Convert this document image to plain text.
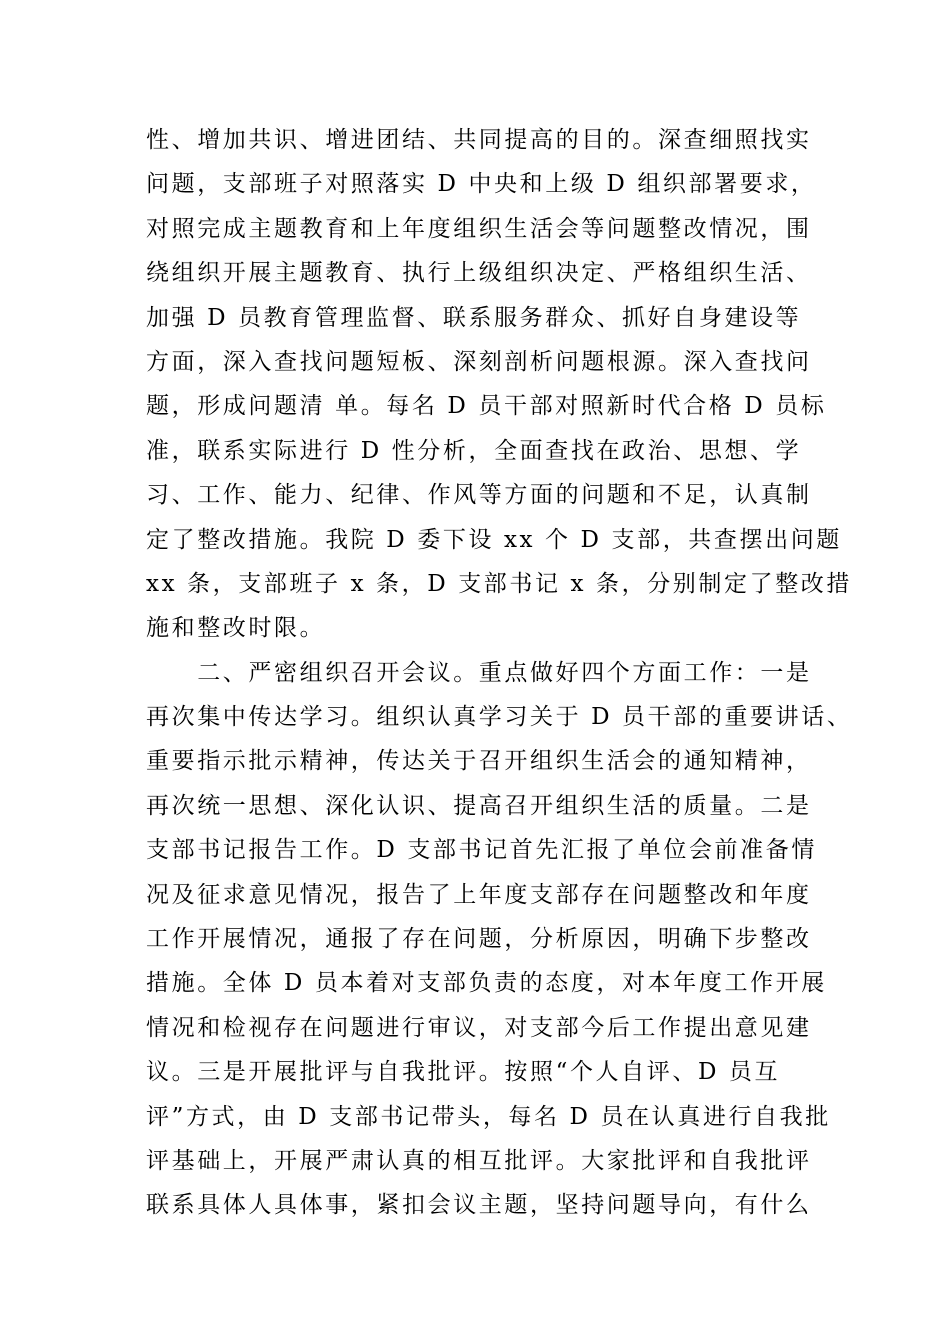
性、增加共识、增进团结、共同提高的目的。深查细照找实
问题，支部班子对照落实 D 中央和上级 D 组织部署要求，
对照完成主题教育和上年度组织生活会等问题整改情况，围
绕组织开展主题教育、执行上级组织决定、严格组织生活、
加强 D 员教育管理监督、联系服务群众、抓好自身建设等
方面，深入查找问题短板、深刻剖析问题根源。深入查找问
题，形成问题清 单。每名 D 员干部对照新时代合格 D 员标
准，联系实际进行 D 性分析，全面查找在政治、思想、学
习、工作、能力、纪律、作风等方面的问题和不足，认真制
定了整改措施。我院 D 委下设 xx 个 D 支部，共查摆出问题
xx 条，支部班子 x 条，D 支部书记 x 条，分别制定了整改措
施和整改时限。
　　二、严密组织召开会议。重点做好四个方面工作：一是
再次集中传达学习。组织认真学习关于 D 员干部的重要讲话、
重要指示批示精神，传达关于召开组织生活会的通知精神，
再次统一思想、深化认识、提高召开组织生活的质量。二是
支部书记报告工作。D 支部书记首先汇报了单位会前准备情
况及征求意见情况，报告了上年度支部存在问题整改和年度
工作开展情况，通报了存在问题，分析原因，明确下步整改
措施。全体 D 员本着对支部负责的态度，对本年度工作开展
情况和检视存在问题进行审议，对支部今后工作提出意见建
议。三是开展批评与自我批评。按照“个人自评、D 员互
评”方式，由 D 支部书记带头，每名 D 员在认真进行自我批
评基础上，开展严肃认真的相互批评。大家批评和自我批评
联系具体人具体事，紧扣会议主题，坚持问题导向，有什么
